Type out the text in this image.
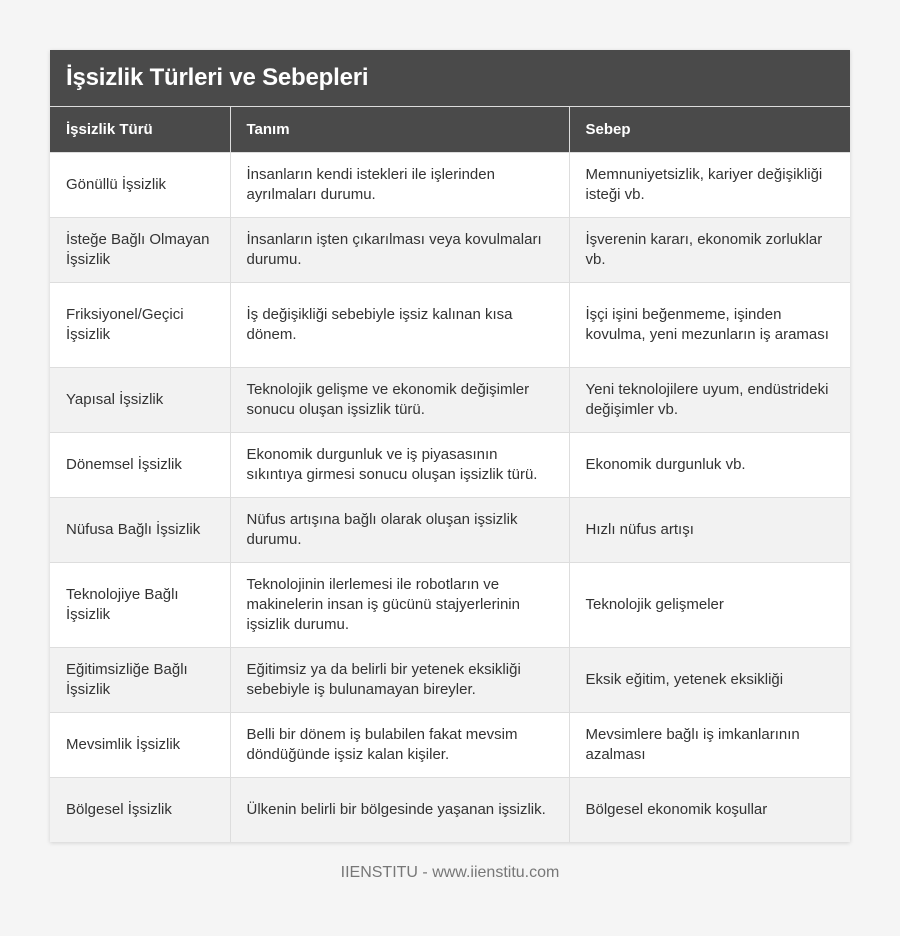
İşsizlik Türleri ve Sebepleri
İşsizlik Türü	Tanım	Sebep
Gönüllü İşsizlik	İnsanların kendi istekleri ile işlerinden ayrılmaları durumu.	Memnuniyetsizlik, kariyer değişikliği isteği vb.
İsteğe Bağlı Olmayan İşsizlik	İnsanların işten çıkarılması veya kovulmaları durumu.	İşverenin kararı, ekonomik zorluklar vb.
Friksiyonel/Geçici İşsizlik	İş değişikliği sebebiyle işsiz kalınan kısa dönem.	İşçi işini beğenmeme, işinden kovulma, yeni mezunların iş araması
Yapısal İşsizlik	Teknolojik gelişme ve ekonomik değişimler sonucu oluşan işsizlik türü.	Yeni teknolojilere uyum, endüstrideki değişimler vb.
Dönemsel İşsizlik	Ekonomik durgunluk ve iş piyasasının sıkıntıya girmesi sonucu oluşan işsizlik türü.	Ekonomik durgunluk vb.
Nüfusa Bağlı İşsizlik	Nüfus artışına bağlı olarak oluşan işsizlik durumu.	Hızlı nüfus artışı
Teknolojiye Bağlı İşsizlik	Teknolojinin ilerlemesi ile robotların ve makinelerin insan iş gücünü stajyerlerinin işsizlik durumu.	Teknolojik gelişmeler
Eğitimsizliğe Bağlı İşsizlik	Eğitimsiz ya da belirli bir yetenek eksikliği sebebiyle iş bulunamayan bireyler.	Eksik eğitim, yetenek eksikliği
Mevsimlik İşsizlik	Belli bir dönem iş bulabilen fakat mevsim döndüğünde işsiz kalan kişiler.	Mevsimlere bağlı iş imkanlarının azalması
Bölgesel İşsizlik	Ülkenin belirli bir bölgesinde yaşanan işsizlik.	Bölgesel ekonomik koşullar
IIENSTITU - www.iienstitu.com
